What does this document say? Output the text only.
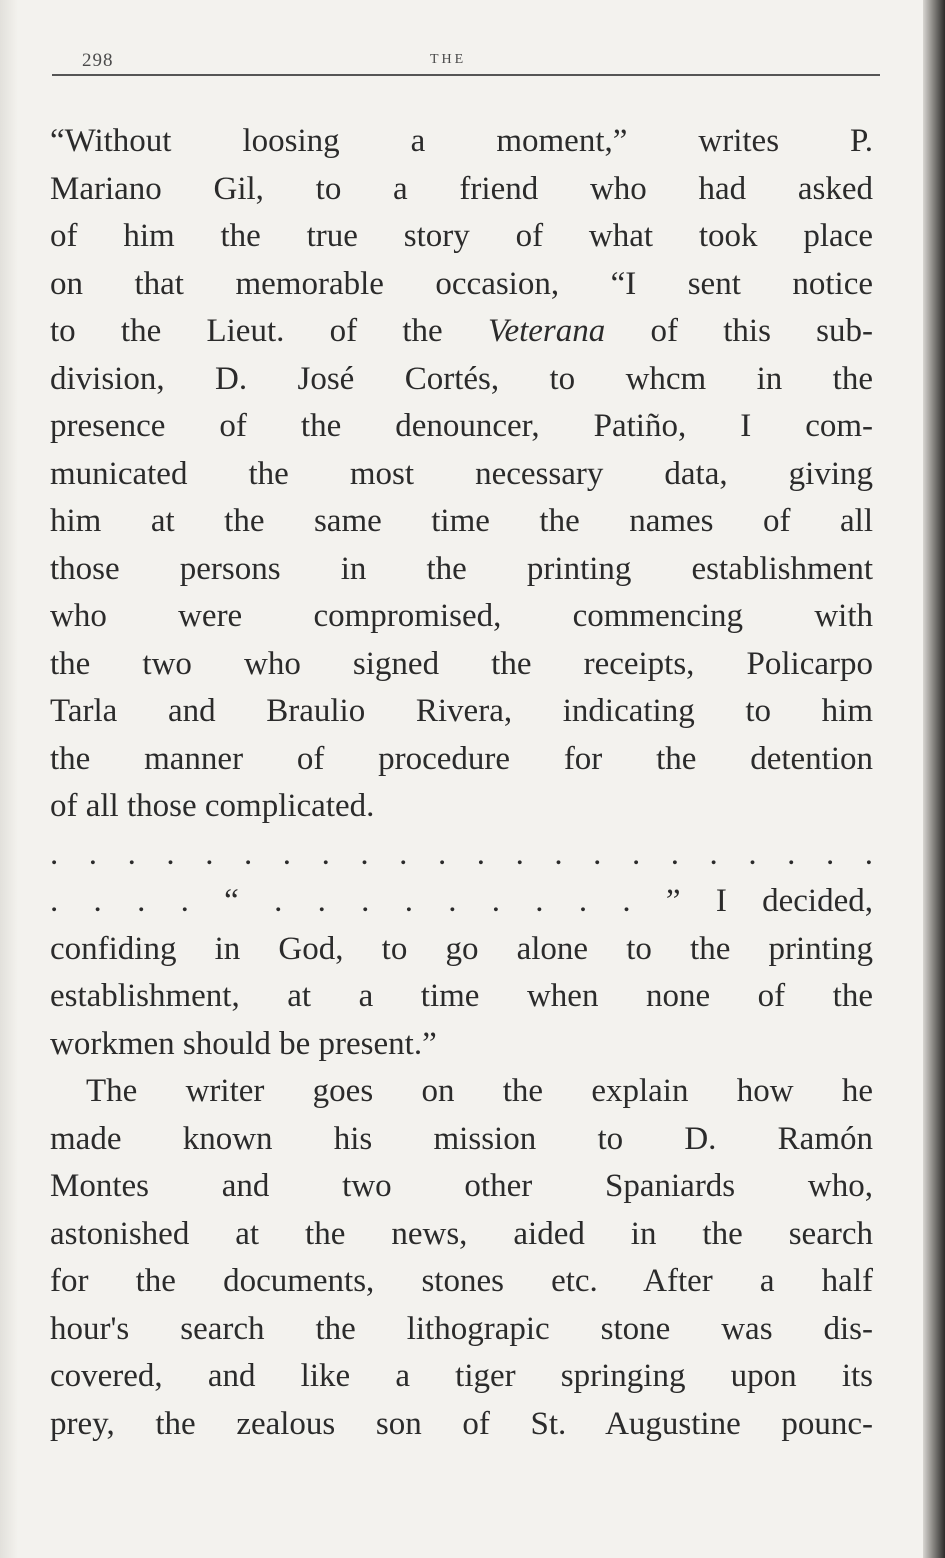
298	THE
“Without loosing a moment,” writes P.
Mariano Gil, to a friend who had asked
of him the true story of what took place
on that memorable occasion, “I sent notice
to the Lieut. of the Veterana of this sub-
division, D. José Cortés, to whcm in the
presence of the denouncer, Patiño, I com-
municated the most necessary data, giving
him at the same time the names of all
those persons in the printing establishment
who were compromised, commencing with
the two who signed the receipts, Policarpo
Tarla and Braulio Rivera, indicating to him
the manner of procedure for the detention
of all those complicated.
. . . . . . . . . . . . . . . . . . . . . .
. . . . “ . . . . . . . . . ” I decided,
confiding in God, to go alone to the printing
establishment, at a time when none of the
workmen should be present.”
The writer goes on the explain how he
made known his mission to D. Ramón
Montes and two other Spaniards who,
astonished at the news, aided in the search
for the documents, stones etc. After a half
hour's search the lithograpic stone was dis-
covered, and like a tiger springing upon its
prey, the zealous son of St. Augustine pounc-
